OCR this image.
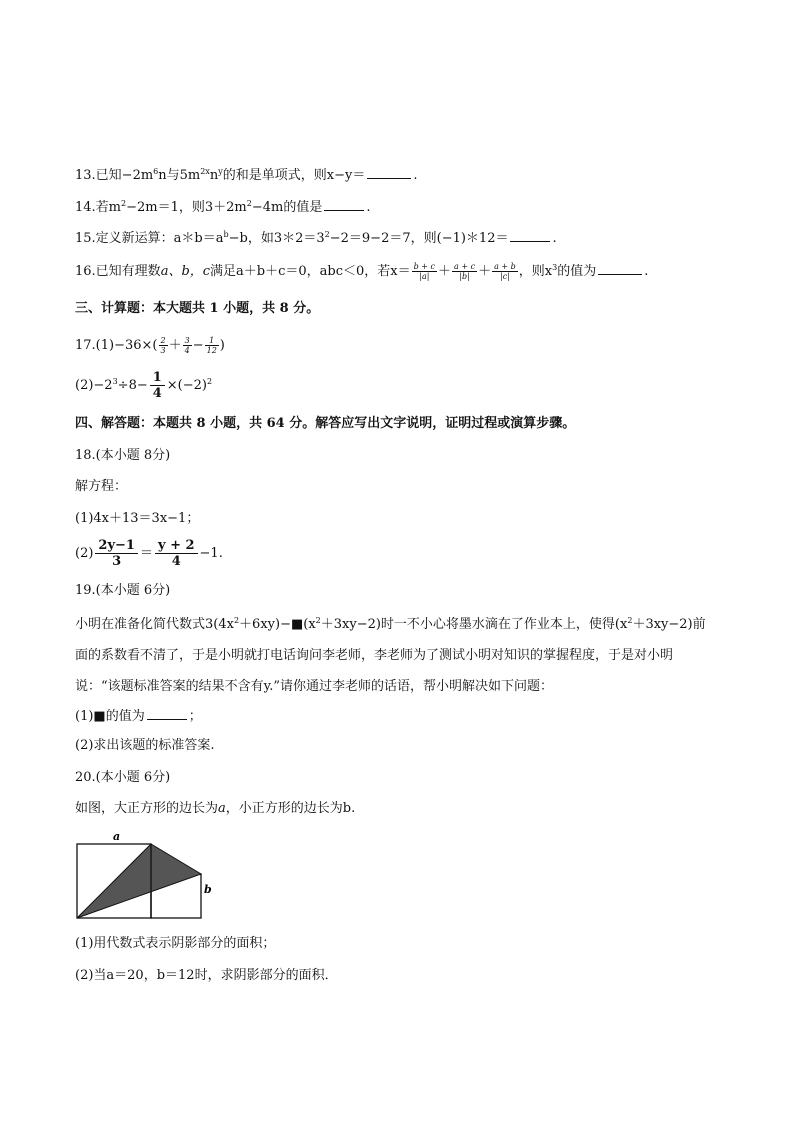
13.已知$-2m^6n$与$5m^{2x}n^y$的和是单项式，则x−y＝	.
14.若$m^2-2m=1$，则$3+2m^2-4m$的值是	.
15.定义新运算：$a*b=a^b-b$，如$3*2=3^2-2=9-2=7$，则(−1)＊12＝	.
16.已知有理数a、b，c满足a＋b＋c＝0，abc＜0，若$x= \frac{b + c}{|a|} + \frac{a + c}{|b|} + \frac{a + b}{|c|}$ ，则$x^3$的值为	.
三、计算题：本大题共 1 小题，共 8 分。
$17.(1)-36\times( \frac{2}{3} + \frac{3}{4} - \frac{1}{12}$ )
$(2)-2^3\div 8- \frac{1}{4} \times(-2)^2$
四、解答题：本题共 8 小题，共 64 分。解答应写出文字说明，证明过程或演算步骤。
18.(本小题 8分)
解方程：
(1)4x＋13＝3x−1；
$(2) \frac{2y-1}{3} = \frac{y + 2}{4} -1$.
19.(本小题 6分)
小明在准备化简代数式$3(4x^2+6xy)-■(x^2+3xy-2)$时一不小心将墨水滴在了作业本上，使得$(x^2+3xy-2)$前面的系数看不清了，于是小明就打电话询问李老师，李老师为了测试小明对知识的掌握程度，于是对小明说：“该题标准答案的结果不含有y.”请你通过李老师的话语，帮小明解决如下问题：
(1)■的值为	；
(2)求出该题的标准答案.
20.(本小题 6分)
如图，大正方形的边长为a，小正方形的边长为b.
a
b
(1)用代数式表示阴影部分的面积；
(2)当a＝20，b＝12时，求阴影部分的面积．
